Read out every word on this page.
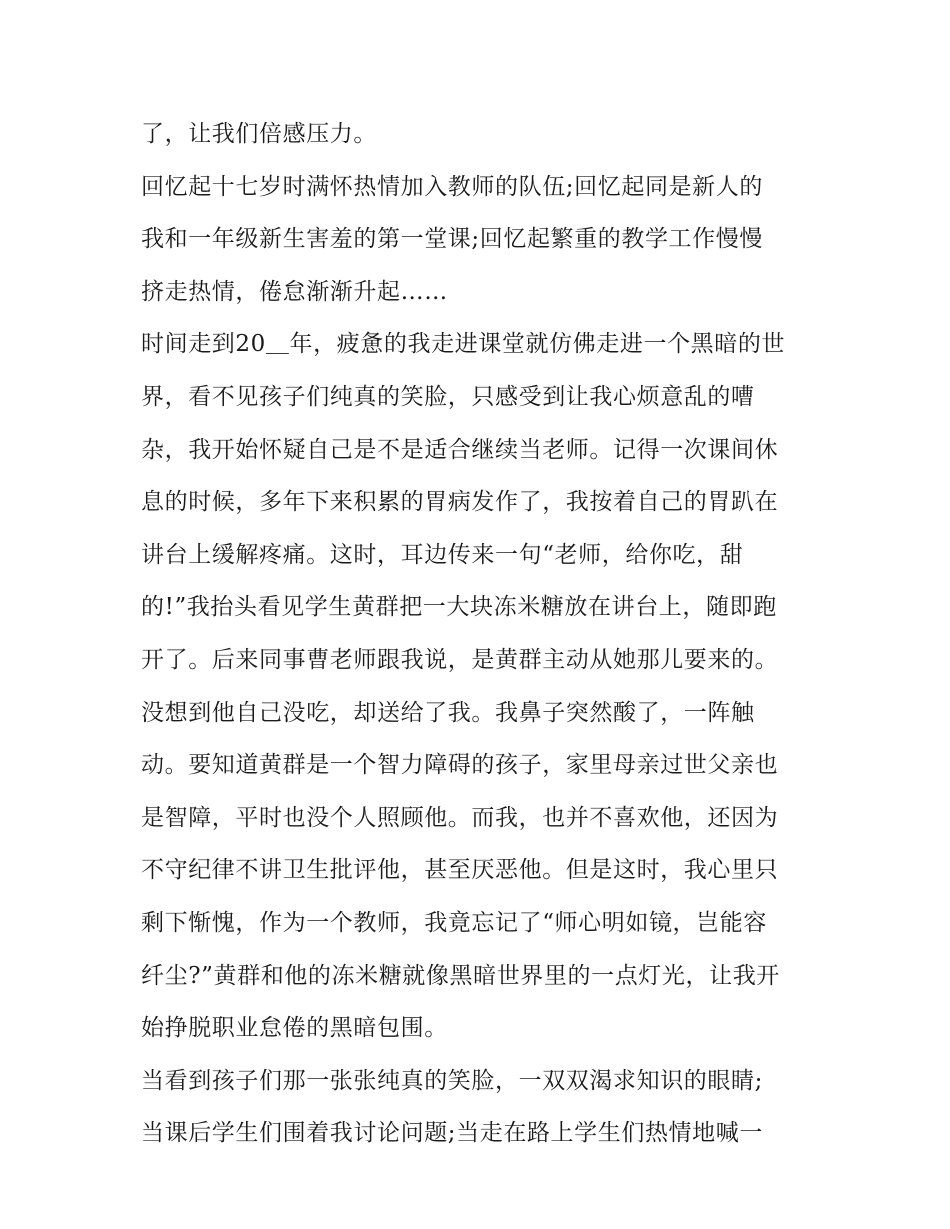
了，让我们倍感压力。
回忆起十七岁时满怀热情加入教师的队伍;回忆起同是新人的
我和一年级新生害羞的第一堂课;回忆起繁重的教学工作慢慢
挤走热情，倦怠渐渐升起……
时间走到20＿年，疲惫的我走进课堂就仿佛走进一个黑暗的世
界，看不见孩子们纯真的笑脸，只感受到让我心烦意乱的嘈
杂，我开始怀疑自己是不是适合继续当老师。记得一次课间休
息的时候，多年下来积累的胃病发作了，我按着自己的胃趴在
讲台上缓解疼痛。这时，耳边传来一句“老师，给你吃，甜
的!”我抬头看见学生黄群把一大块冻米糖放在讲台上，随即跑
开了。后来同事曹老师跟我说，是黄群主动从她那儿要来的。
没想到他自己没吃，却送给了我。我鼻子突然酸了，一阵触
动。要知道黄群是一个智力障碍的孩子，家里母亲过世父亲也
是智障，平时也没个人照顾他。而我，也并不喜欢他，还因为
不守纪律不讲卫生批评他，甚至厌恶他。但是这时，我心里只
剩下惭愧，作为一个教师，我竟忘记了“师心明如镜，岂能容
纤尘?”黄群和他的冻米糖就像黑暗世界里的一点灯光，让我开
始挣脱职业怠倦的黑暗包围。
当看到孩子们那一张张纯真的笑脸，一双双渴求知识的眼睛;
当课后学生们围着我讨论问题;当走在路上学生们热情地喊一
